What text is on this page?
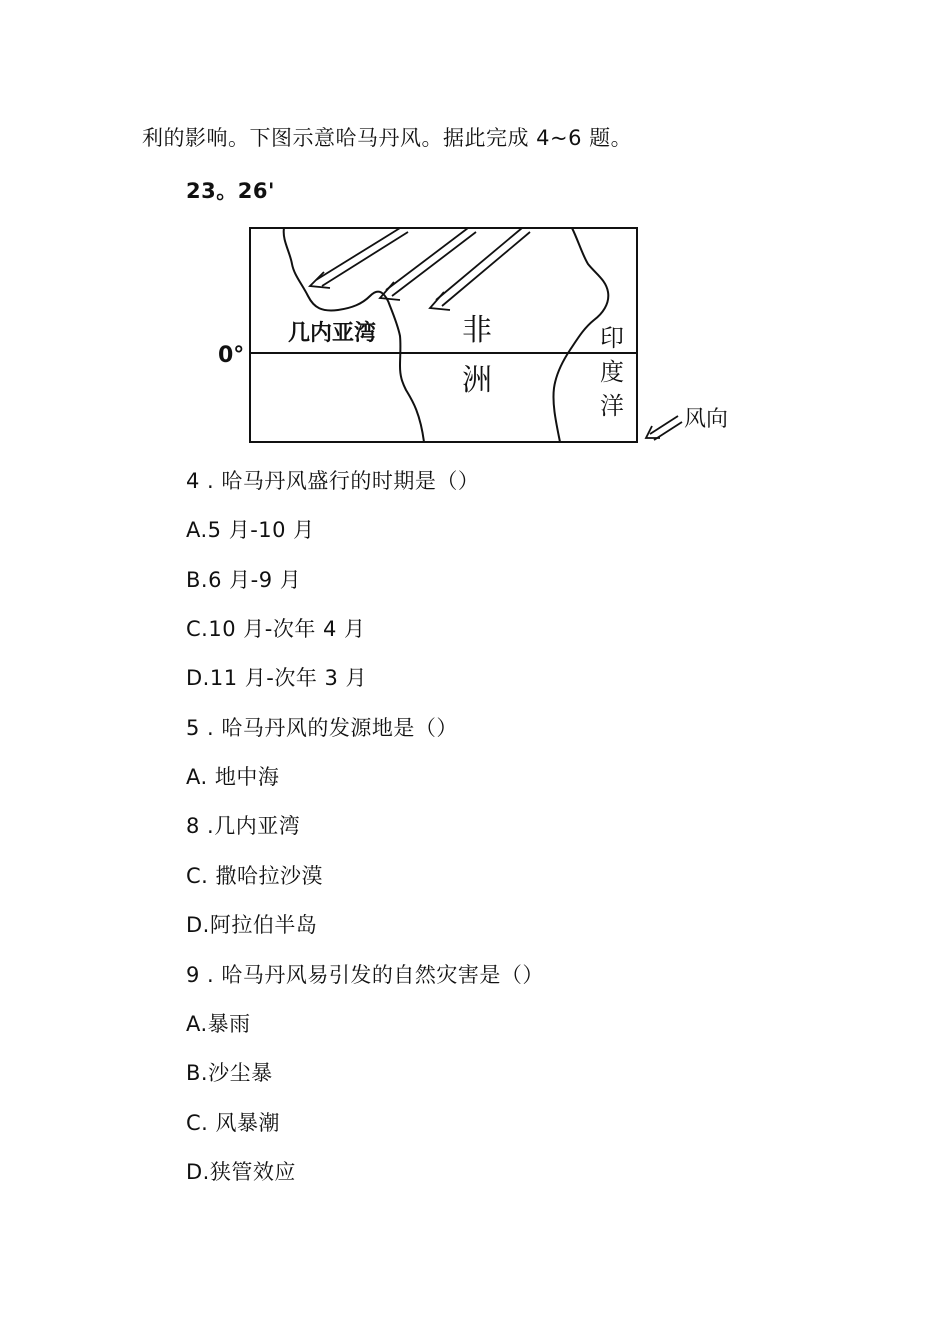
利的影响。下图示意哈马丹风。据此完成 4~6 题。
23。26'
几内亚湾	非
洲
印
度
洋
0°
风向
4 . 哈马丹风盛行的时期是（）
A.5 月-10 月
B.6 月-9 月
C.10 月-次年 4 月
D.11 月-次年 3 月
5 . 哈马丹风的发源地是（）
A. 地中海
8 .几内亚湾
C. 撒哈拉沙漠
D.阿拉伯半岛
9 . 哈马丹风易引发的自然灾害是（）
A.暴雨
B.沙尘暴
C. 风暴潮
D.狭管效应
